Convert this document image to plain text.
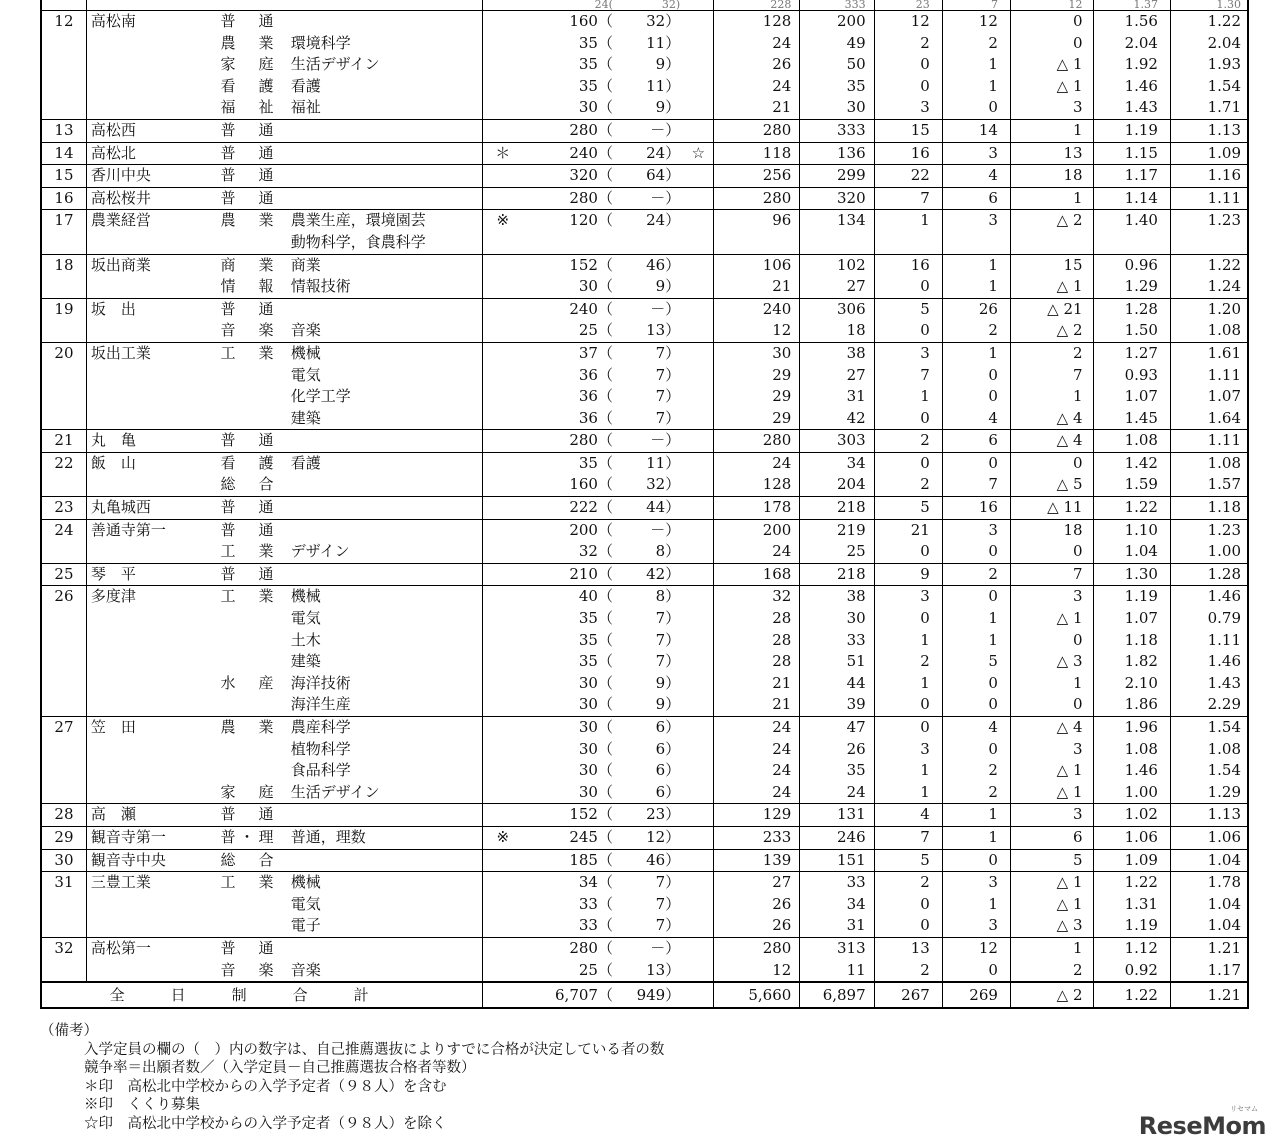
					24(	32)		228	333	23	7	12	1.37	1.30
12	高松南	普　通			160（	32）		128	200	12	12	0	1.56	1.22
		農　業	環境科学		35（	11）		24	49	2	2	0	2.04	2.04
		家　庭	生活デザイン		35（	9）		26	50	0	1	△ 1	1.92	1.93
		看　護	看護		35（	11）		24	35	0	1	△ 1	1.46	1.54
		福　祉	福祉		30（	9）		21	30	3	0	3	1.43	1.71
13	高松西	普　通			280（	－）		280	333	15	14	1	1.19	1.13
14	高松北	普　通		＊	240（	24）	☆	118	136	16	3	13	1.15	1.09
15	香川中央	普　通			320（	64）		256	299	22	4	18	1.17	1.16
16	高松桜井	普　通			280（	－）		280	320	7	6	1	1.14	1.11
17	農業経営	農　業	農業生産，環境園芸	※	120（	24）		96	134	1	3	△ 2	1.40	1.23
			動物科学，食農科学											
18	坂出商業	商　業	商業		152（	46）		106	102	16	1	15	0.96	1.22
		情　報	情報技術		30（	9）		21	27	0	1	△ 1	1.29	1.24
19	坂　出	普　通			240（	－）		240	306	5	26	△ 21	1.28	1.20
		音　楽	音楽		25（	13）		12	18	0	2	△ 2	1.50	1.08
20	坂出工業	工　業	機械		37（	7）		30	38	3	1	2	1.27	1.61
			電気		36（	7）		29	27	7	0	7	0.93	1.11
			化学工学		36（	7）		29	31	1	0	1	1.07	1.07
			建築		36（	7）		29	42	0	4	△ 4	1.45	1.64
21	丸　亀	普　通			280（	－）		280	303	2	6	△ 4	1.08	1.11
22	飯　山	看　護	看護		35（	11）		24	34	0	0	0	1.42	1.08
		総　合			160（	32）		128	204	2	7	△ 5	1.59	1.57
23	丸亀城西	普　通			222（	44）		178	218	5	16	△ 11	1.22	1.18
24	善通寺第一	普　通			200（	－）		200	219	21	3	18	1.10	1.23
		工　業	デザイン		32（	8）		24	25	0	0	0	1.04	1.00
25	琴　平	普　通			210（	42）		168	218	9	2	7	1.30	1.28
26	多度津	工　業	機械		40（	8）		32	38	3	0	3	1.19	1.46
			電気		35（	7）		28	30	0	1	△ 1	1.07	0.79
			土木		35（	7）		28	33	1	1	0	1.18	1.11
			建築		35（	7）		28	51	2	5	△ 3	1.82	1.46
		水　産	海洋技術		30（	9）		21	44	1	0	1	2.10	1.43
			海洋生産		30（	9）		21	39	0	0	0	1.86	2.29
27	笠　田	農　業	農産科学		30（	6）		24	47	0	4	△ 4	1.96	1.54
			植物科学		30（	6）		24	26	3	0	3	1.08	1.08
			食品科学		30（	6）		24	35	1	2	△ 1	1.46	1.54
		家　庭	生活デザイン		30（	6）		24	24	1	2	△ 1	1.00	1.29
28	高　瀬	普　通			152（	23）		129	131	4	1	3	1.02	1.13
29	観音寺第一	普・理	普通，理数	※	245（	12）		233	246	7	1	6	1.06	1.06
30	観音寺中央	総　合			185（	46）		139	151	5	0	5	1.09	1.04
31	三豊工業	工　業	機械		34（	7）		27	33	2	3	△ 1	1.22	1.78
			電気		33（	7）		26	34	0	1	△ 1	1.31	1.04
			電子		33（	7）		26	31	0	3	△ 3	1.19	1.04
32	高松第一	普　通			280（	－）		280	313	13	12	1	1.12	1.21
		音　楽	音楽		25（	13）		12	11	2	0	2	0.92	1.17
全日制合計					6,707（	949）		5,660	6,897	267	269	△ 2	1.22	1.21
（備考）
入学定員の欄の（　）内の数字は、自己推薦選抜によりすでに合格が決定している者の数
競争率＝出願者数／（入学定員－自己推薦選抜合格者等数）
＊印　高松北中学校からの入学予定者（９８人）を含む
※印　くくり募集
☆印　高松北中学校からの入学予定者（９８人）を除く
リセマム
ReseMom
